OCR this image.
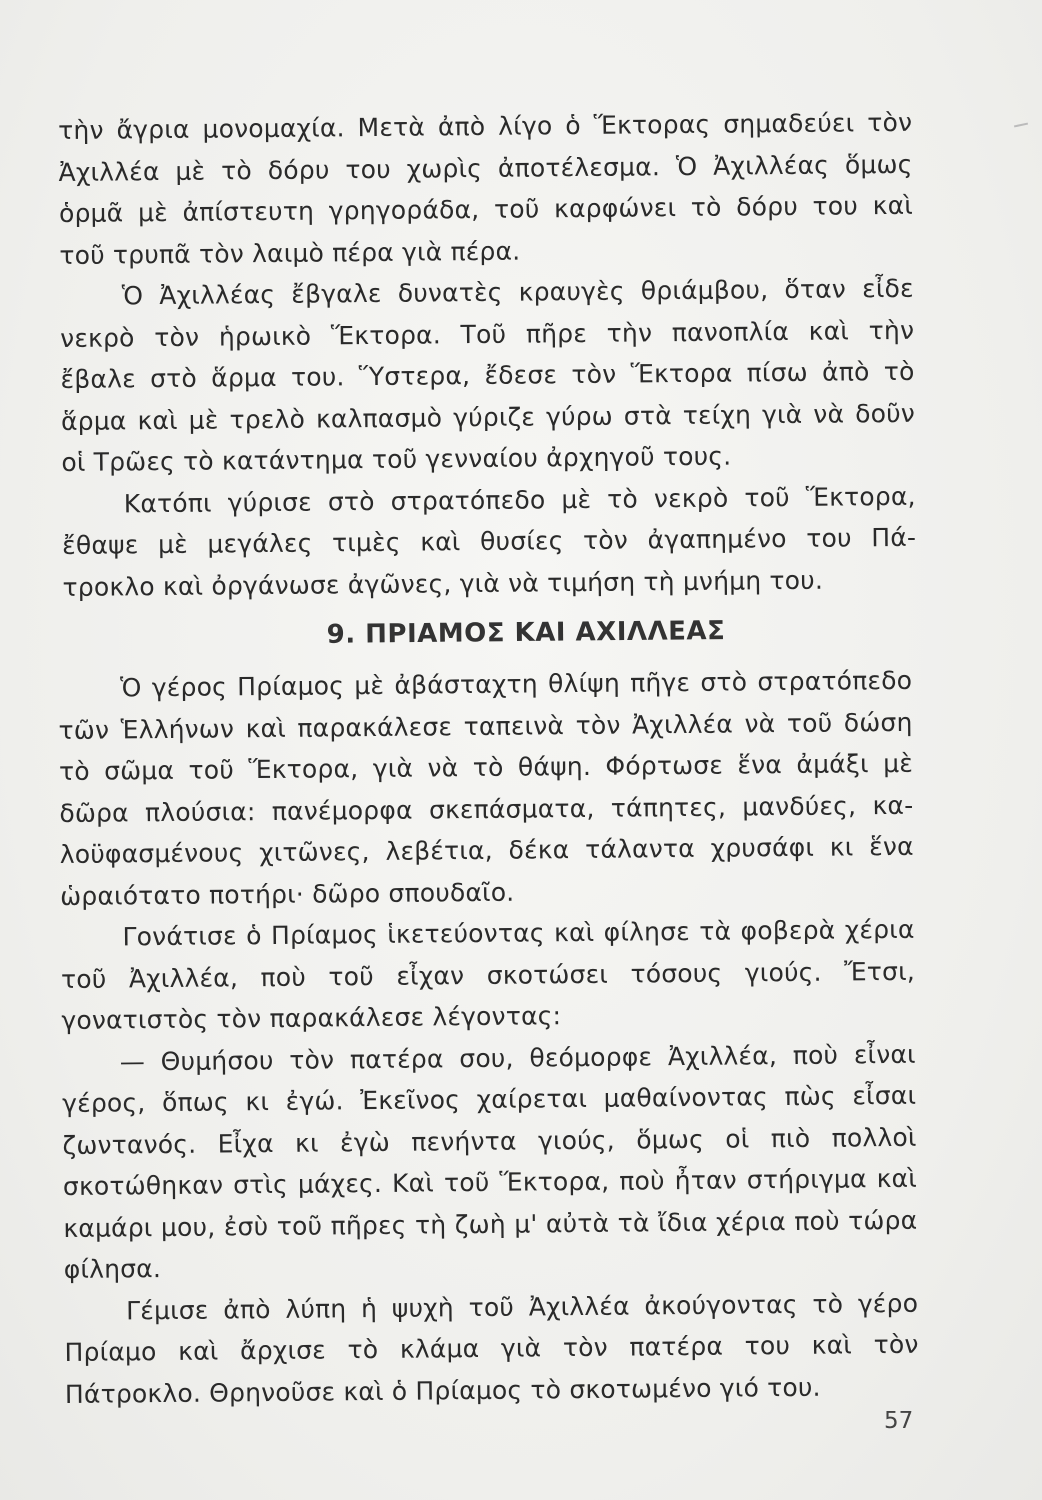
τὴν ἄγρια μονομαχία. Μετὰ ἀπὸ λίγο ὁ Ἕκτορας σημαδεύει τὸν
Ἀχιλλέα μὲ τὸ δόρυ του χωρὶς ἀποτέλεσμα. Ὁ Ἀχιλλέας ὅμως
ὁρμᾶ μὲ ἀπίστευτη γρηγοράδα, τοῦ καρφώνει τὸ δόρυ του καὶ
τοῦ τρυπᾶ τὸν λαιμὸ πέρα γιὰ πέρα.
Ὁ Ἀχιλλέας ἔβγαλε δυνατὲς κραυγὲς θριάμβου, ὅταν εἶδε
νεκρὸ τὸν ἡρωικὸ Ἕκτορα. Τοῦ πῆρε τὴν πανοπλία καὶ τὴν
ἔβαλε στὸ ἅρμα του. Ὕστερα, ἔδεσε τὸν Ἕκτορα πίσω ἀπὸ τὸ
ἅρμα καὶ μὲ τρελὸ καλπασμὸ γύριζε γύρω στὰ τείχη γιὰ νὰ δοῦν
οἱ Τρῶες τὸ κατάντημα τοῦ γενναίου ἀρχηγοῦ τους.
Κατόπι γύρισε στὸ στρατόπεδο μὲ τὸ νεκρὸ τοῦ Ἕκτορα,
ἔθαψε μὲ μεγάλες τιμὲς καὶ θυσίες τὸν ἀγαπημένο του Πά-
τροκλο καὶ ὀργάνωσε ἀγῶνες, γιὰ νὰ τιμήση τὴ μνήμη του.
9. ΠΡΙΑΜΟΣ ΚΑΙ ΑΧΙΛΛΕΑΣ
Ὁ γέρος Πρίαμος μὲ ἀβάσταχτη θλίψη πῆγε στὸ στρατόπεδο
τῶν Ἑλλήνων καὶ παρακάλεσε ταπεινὰ τὸν Ἀχιλλέα νὰ τοῦ δώση
τὸ σῶμα τοῦ Ἕκτορα, γιὰ νὰ τὸ θάψη. Φόρτωσε ἕνα ἀμάξι μὲ
δῶρα πλούσια: πανέμορφα σκεπάσματα, τάπητες, μανδύες, κα-
λοϋφασμένους χιτῶνες, λεβέτια, δέκα τάλαντα χρυσάφι κι ἕνα
ὡραιότατο ποτήρι· δῶρο σπουδαῖο.
Γονάτισε ὁ Πρίαμος ἱκετεύοντας καὶ φίλησε τὰ φοβερὰ χέρια
τοῦ Ἀχιλλέα, ποὺ τοῦ εἶχαν σκοτώσει τόσους γιούς. Ἔτσι,
γονατιστὸς τὸν παρακάλεσε λέγοντας:
— Θυμήσου τὸν πατέρα σου, θεόμορφε Ἀχιλλέα, ποὺ εἶναι
γέρος, ὅπως κι ἐγώ. Ἐκεῖνος χαίρεται μαθαίνοντας πὼς εἶσαι
ζωντανός. Εἶχα κι ἐγὼ πενήντα γιούς, ὅμως οἱ πιὸ πολλοὶ
σκοτώθηκαν στὶς μάχες. Καὶ τοῦ Ἕκτορα, ποὺ ἦταν στήριγμα καὶ
καμάρι μου, ἐσὺ τοῦ πῆρες τὴ ζωὴ μ' αὐτὰ τὰ ἴδια χέρια ποὺ τώρα
φίλησα.
Γέμισε ἀπὸ λύπη ἡ ψυχὴ τοῦ Ἀχιλλέα ἀκούγοντας τὸ γέρο
Πρίαμο καὶ ἄρχισε τὸ κλάμα γιὰ τὸν πατέρα του καὶ τὸν
Πάτροκλο. Θρηνοῦσε καὶ ὁ Πρίαμος τὸ σκοτωμένο γιό του.
57
